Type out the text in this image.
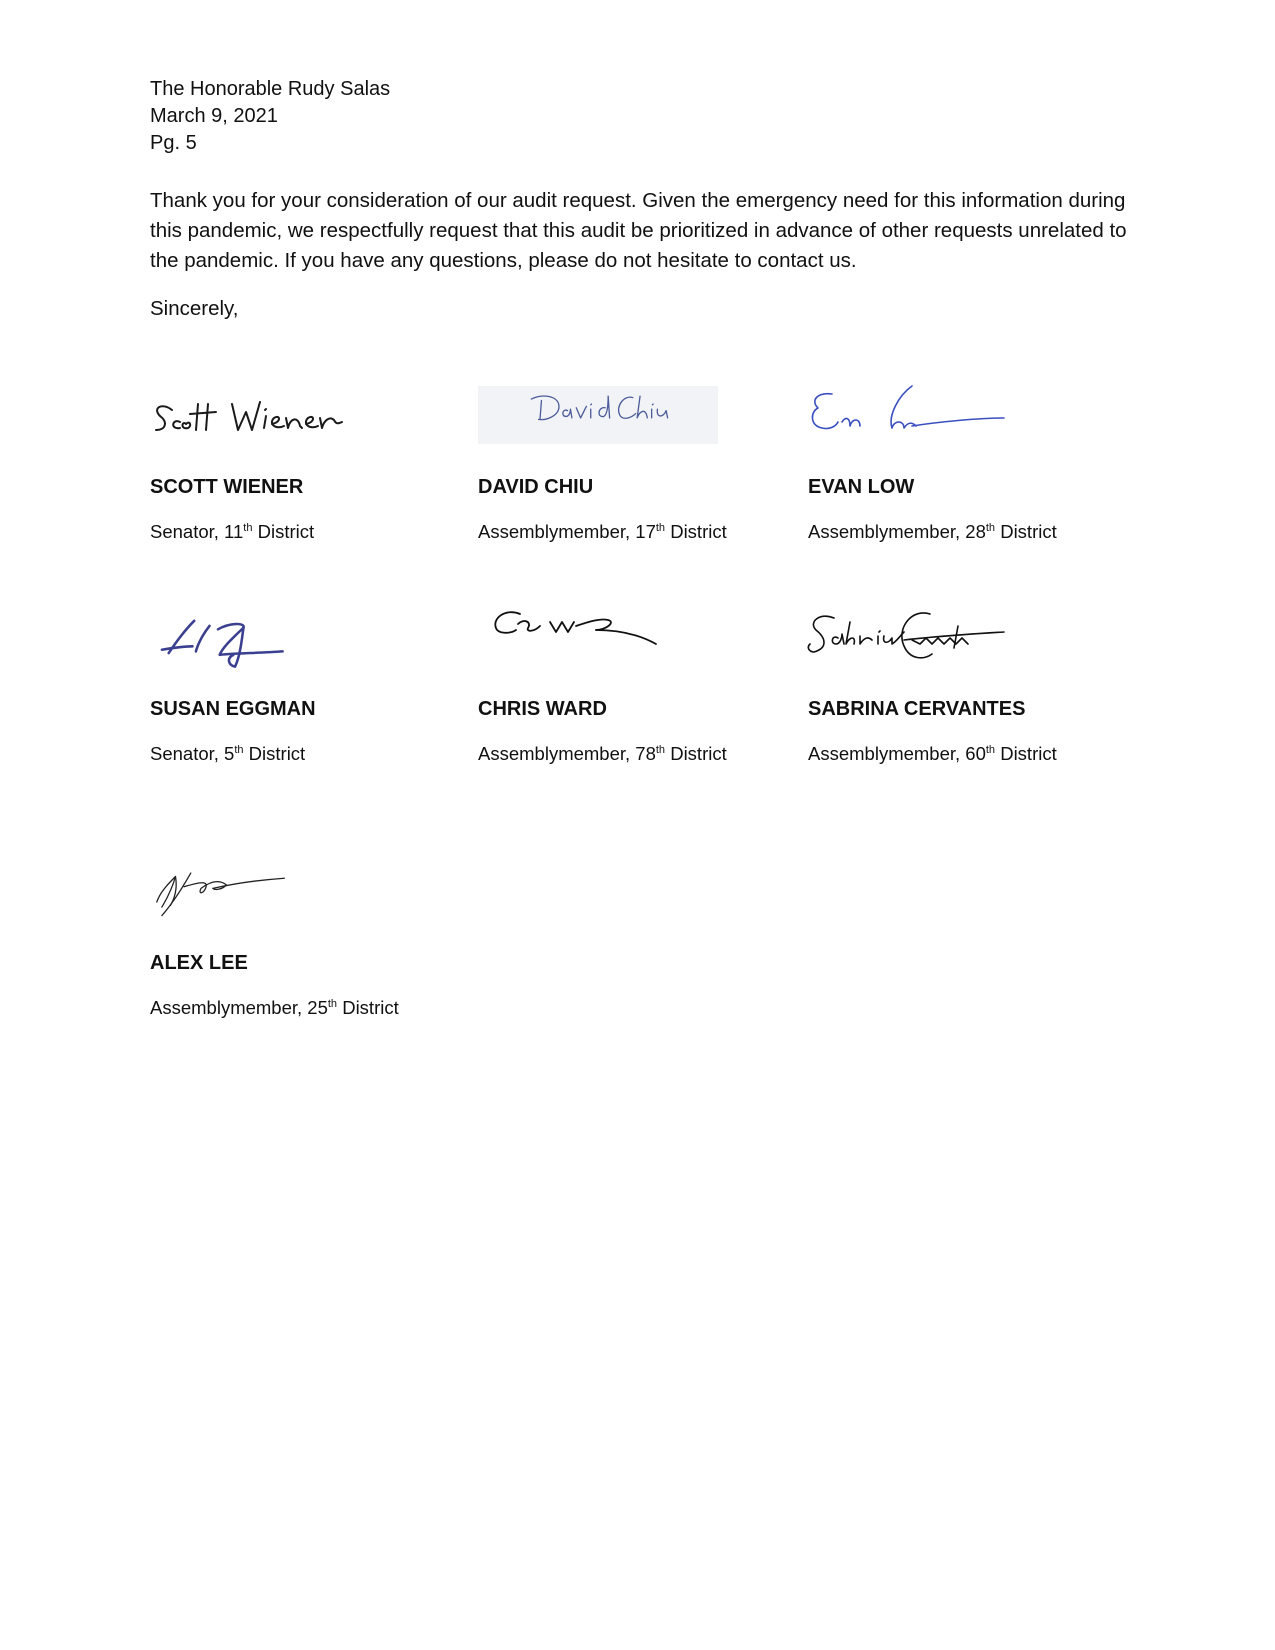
The Honorable Rudy Salas
March 9, 2021
Pg. 5

Thank you for your consideration of our audit request. Given the emergency need for this information during this pandemic, we respectfully request that this audit be prioritized in advance of other requests unrelated to the pandemic. If you have any questions, please do not hesitate to contact us.

Sincerely,
SCOTT WIENER
Senator, 11th District
DAVID CHIU
Assemblymember, 17th District
EVAN LOW
Assemblymember, 28th District
SUSAN EGGMAN
Senator, 5th District
CHRIS WARD
Assemblymember, 78th District
SABRINA CERVANTES
Assemblymember, 60th District
ALEX LEE
Assemblymember, 25th District
